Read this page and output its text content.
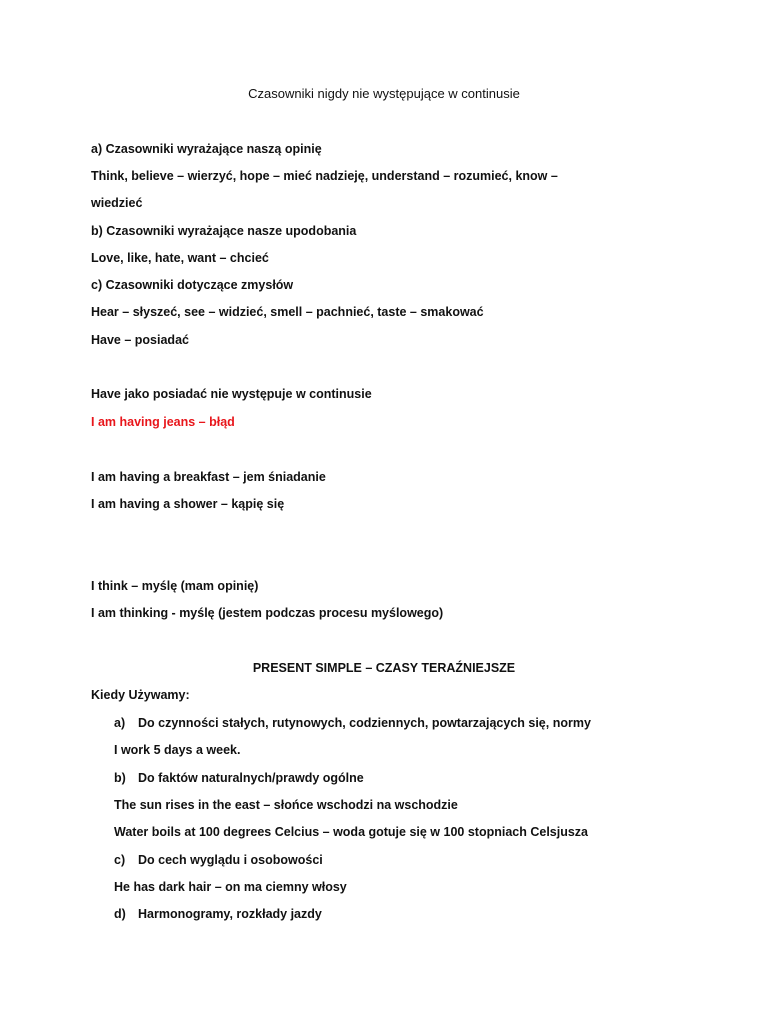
Czasowniki nigdy nie występujące w continusie
a) Czasowniki wyrażające naszą opinię
Think, believe – wierzyć, hope – mieć nadzieję, understand – rozumieć, know –
wiedzieć
b) Czasowniki wyrażające nasze upodobania
Love, like, hate, want – chcieć
c) Czasowniki dotyczące zmysłów
Hear – słyszeć, see – widzieć, smell – pachnieć, taste – smakować
Have – posiadać
Have jako posiadać nie występuje w continusie
I am having jeans – błąd
I am having a breakfast – jem śniadanie
I am having a shower – kąpię się
I think – myślę (mam opinię)
I am thinking - myślę (jestem podczas procesu myślowego)
PRESENT SIMPLE – CZASY TERAŹNIEJSZE
Kiedy Używamy:
a) Do czynności stałych, rutynowych, codziennych, powtarzających się, normy
I work 5 days a week.
b) Do faktów naturalnych/prawdy ogólne
The sun rises in the east – słońce wschodzi na wschodzie
Water boils at 100 degrees Celcius – woda gotuje się w 100 stopniach Celsjusza
c) Do cech wyglądu i osobowości
He has dark hair – on ma ciemny włosy
d) Harmonogramy, rozkłady jazdy
